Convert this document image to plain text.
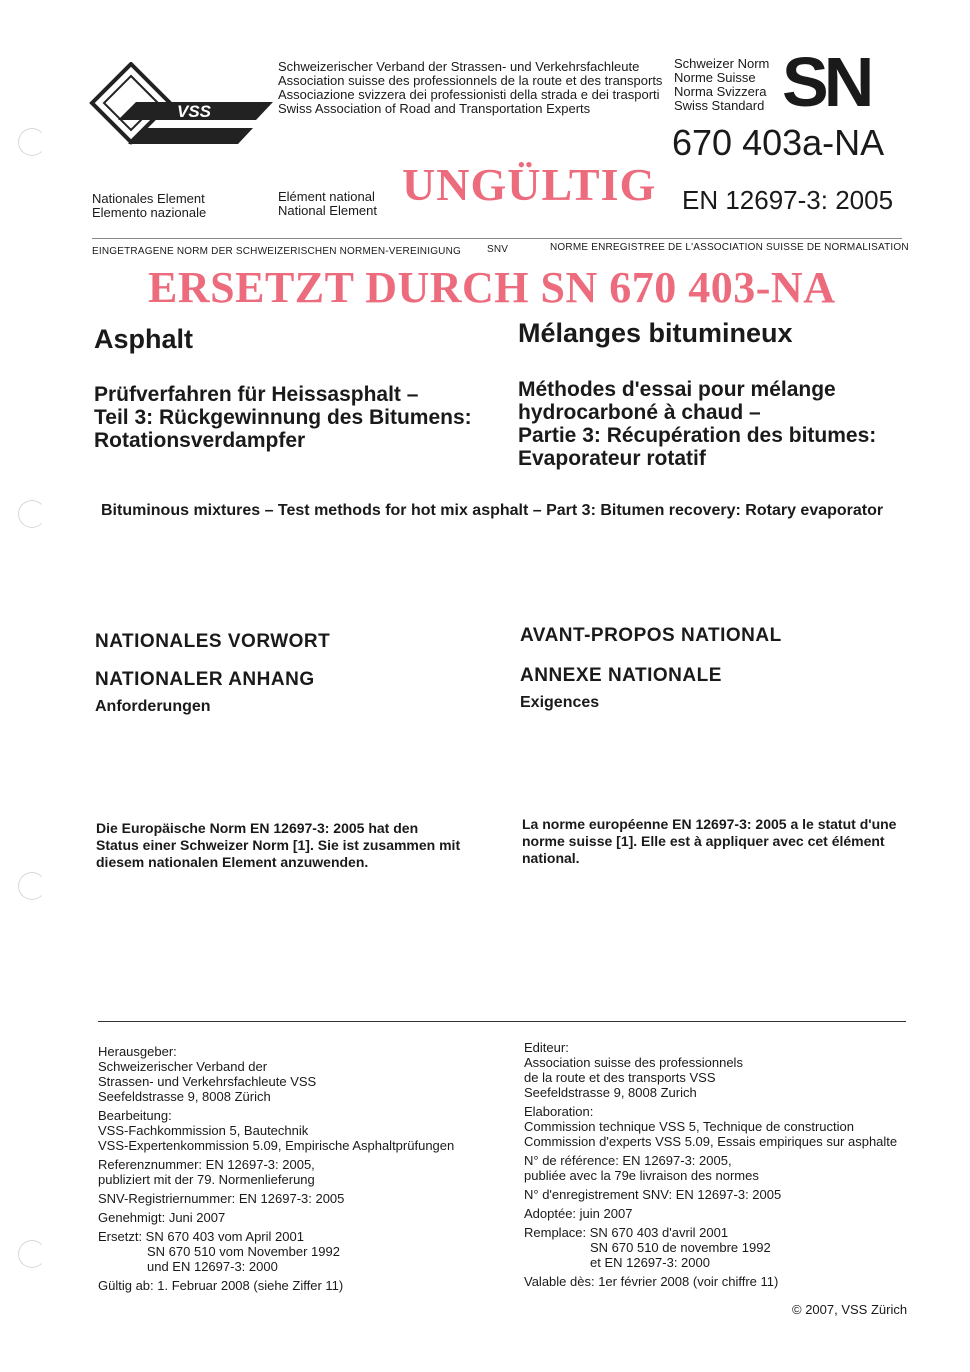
VSS
Schweizerischer Verband der Strassen- und Verkehrsfachleute
Association suisse des professionnels de la route et des transports
Associazione svizzera dei professionisti della strada e dei trasporti
Swiss Association of Road and Transportation Experts
Schweizer Norm
Norme Suisse
Norma Svizzera
Swiss Standard SN
670 403a-NA
EN 12697-3: 2005
Nationales Element
Elemento nazionale
Elément national
National Element
UNGÜLTIG
EINGETRAGENE NORM DER SCHWEIZERISCHEN NORMEN-VEREINIGUNG	SNV	NORME ENREGISTREE DE L'ASSOCIATION SUISSE DE NORMALISATION
ERSETZT DURCH SN 670 403-NA
Asphalt	Mélanges bitumineux
Prüfverfahren für Heissasphalt –
Teil 3: Rückgewinnung des Bitumens:
Rotationsverdampfer
Méthodes d'essai pour mélange
hydrocarboné à chaud –
Partie 3: Récupération des bitumes:
Evaporateur rotatif
Bituminous mixtures – Test methods for hot mix asphalt – Part 3: Bitumen recovery: Rotary evaporator
NATIONALES VORWORT	AVANT-PROPOS NATIONAL
NATIONALER ANHANG	ANNEXE NATIONALE
Anforderungen	Exigences
Die Europäische Norm EN 12697-3: 2005 hat den
Status einer Schweizer Norm [1]. Sie ist zusammen mit
diesem nationalen Element anzuwenden.
La norme européenne EN 12697-3: 2005 a le statut d'une
norme suisse [1]. Elle est à appliquer avec cet élément
national.
Herausgeber:
Schweizerischer Verband der
Strassen- und Verkehrsfachleute VSS
Seefeldstrasse 9, 8008 Zürich
Bearbeitung:
VSS-Fachkommission 5, Bautechnik
VSS-Expertenkommission 5.09, Empirische Asphaltprüfungen
Referenznummer: EN 12697-3: 2005,
publiziert mit der 79. Normenlieferung
SNV-Registriernummer: EN 12697-3: 2005
Genehmigt: Juni 2007
Ersetzt: SN 670 403 vom April 2001
SN 670 510 vom November 1992
und EN 12697-3: 2000
Gültig ab: 1. Februar 2008 (siehe Ziffer 11)
Editeur:
Association suisse des professionnels
de la route et des transports VSS
Seefeldstrasse 9, 8008 Zurich
Elaboration:
Commission technique VSS 5, Technique de construction
Commission d'experts VSS 5.09, Essais empiriques sur asphalte
N° de référence: EN 12697-3: 2005,
publiée avec la 79e livraison des normes
N° d'enregistrement SNV: EN 12697-3: 2005
Adoptée: juin 2007
Remplace: SN 670 403 d'avril 2001
SN 670 510 de novembre 1992
et EN 12697-3: 2000
Valable dès: 1er février 2008 (voir chiffre 11)
© 2007, VSS Zürich
